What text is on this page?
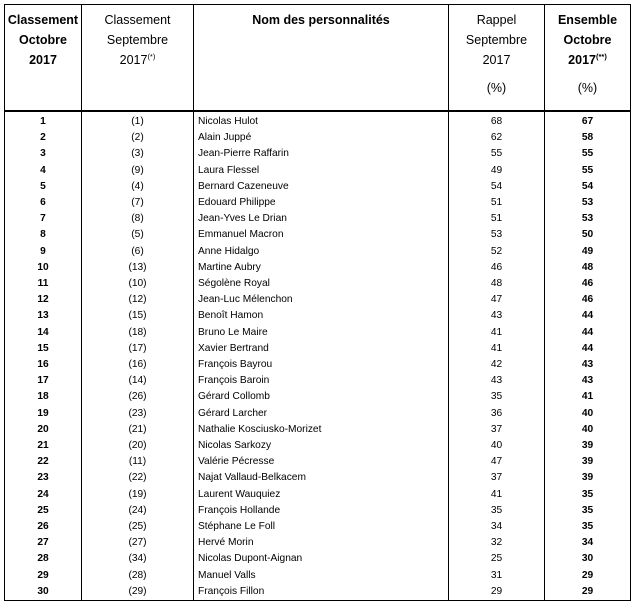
Classement
Octobre
2017	Classement
Septembre
2017(*)	Nom des personnalités	Rappel
Septembre
2017
(%)	Ensemble
Octobre
2017(**)
(%)

1	(1)	Nicolas Hulot	68	67
2	(2)	Alain Juppé	62	58
3	(3)	Jean-Pierre Raffarin	55	55
4	(9)	Laura Flessel	49	55
5	(4)	Bernard Cazeneuve	54	54
6	(7)	Edouard Philippe	51	53
7	(8)	Jean-Yves Le Drian	51	53
8	(5)	Emmanuel Macron	53	50
9	(6)	Anne Hidalgo	52	49
10	(13)	Martine Aubry	46	48
11	(10)	Ségolène Royal	48	46
12	(12)	Jean-Luc Mélenchon	47	46
13	(15)	Benoît Hamon	43	44
14	(18)	Bruno Le Maire	41	44
15	(17)	Xavier Bertrand	41	44
16	(16)	François Bayrou	42	43
17	(14)	François Baroin	43	43
18	(26)	Gérard Collomb	35	41
19	(23)	Gérard Larcher	36	40
20	(21)	Nathalie Kosciusko-Morizet	37	40
21	(20)	Nicolas Sarkozy	40	39
22	(11)	Valérie Pécresse	47	39
23	(22)	Najat Vallaud-Belkacem	37	39
24	(19)	Laurent Wauquiez	41	35
25	(24)	François Hollande	35	35
26	(25)	Stéphane Le Foll	34	35
27	(27)	Hervé Morin	32	34
28	(34)	Nicolas Dupont-Aignan	25	30
29	(28)	Manuel Valls	31	29
30	(29)	François Fillon	29	29
